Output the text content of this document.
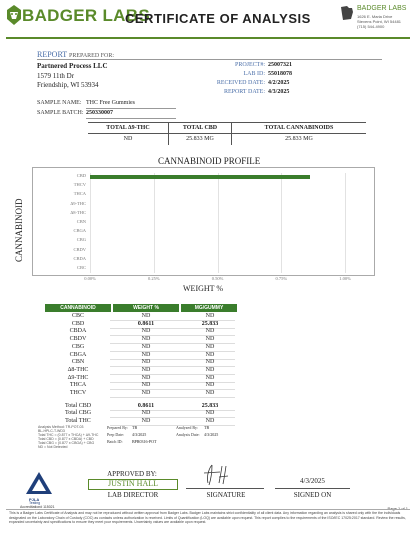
BADGER LABS
CERTIFICATE OF ANALYSIS
BADGER LABS
1626 E. Maria Drive
Stevens Point, WI 54481
(715) 544-4900
REPORT PREPARED FOR:
Partnered Process LLC
1579 11th Dr
Friendship, WI 53934
PROJECT#: 25007321
LAB ID: 55018078
RECEIVED DATE: 4/2/2025
REPORT DATE: 4/3/2025
SAMPLE NAME: THC Free Gummies
SAMPLE BATCH: 250330007
TOTAL Δ9-THC	TOTAL CBD	TOTAL CANNABINOIDS
ND	25.833 MG	25.833 MG
CANNABINOID PROFILE
CANNABINOID
0.00%	0.25%	0.50%	0.75%	1.00%
CBD
THCV
THCA
Δ9-THC
Δ8-THC
CBN
CBGA
CBG
CBDV
CBDA
CBC
WEIGHT %
CANNABINOID	WEIGHT %	MG/GUMMY
CBC	ND	ND
CBD	0.8611	25.833
CBDA	ND	ND
CBDV	ND	ND
CBG	ND	ND
CBGA	ND	ND
CBN	ND	ND
Δ8-THC	ND	ND
Δ9-THC	ND	ND
THCA	ND	ND
THCV	ND	ND
Total CBD	0.8611	25.833
Total CBG	ND	ND
Total THC	ND	ND
Analysis Method: TR-POT-03
BL-HPLC-T-WD3
Total THC = (0.877 x THCA) + Δ9-THC
Total CBD = (0.877 x CBDA) + CBD
Total CBG = (0.877 x CBGA) + CBG
ND = Not Detected
Prepared By: TB
Prep Date: 4/3/2025
Batch ID: BPR0316-POT
Analyzed By: TB
Analysis Date: 4/3/2025
PJLA
Testing
Accreditation# 115021
APPROVED BY:
JUSTIN HALL
LAB DIRECTOR	SIGNATURE
4/3/2025
SIGNED ON
Page 1 of 1
This is a Badger Labs Certificate of Analysis and may not be reproduced without written approval from Badger Labs. Badger Labs maintains strict confidentiality of all client data. Any information regarding an analysis is shared only with the the individuals designated on the Laboratory Chain of Custody (COC) as contacts unless authorization is received. Limits of Quantification (LOQ) are available upon request. This report complies to the requirements of the ISO/IEC 17025:2017 standard. Review the results, expanded uncertainty and specifications to ensure they meet your requirements. Uncertainty values are available upon request.
